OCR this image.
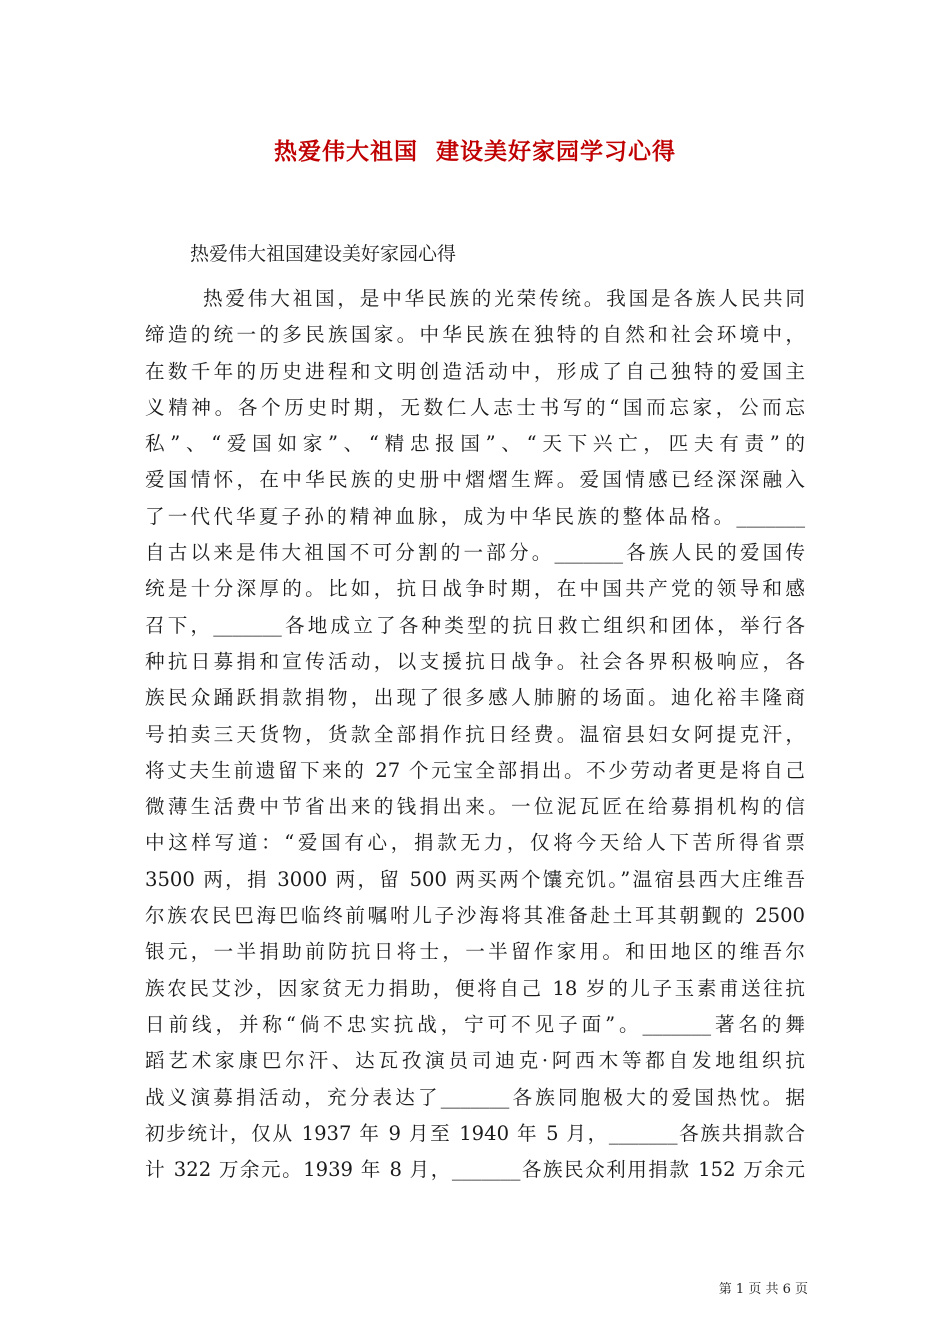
热爱伟大祖国  建设美好家园学习心得
热爱伟大祖国建设美好家园心得
热爱伟大祖国，是中华民族的光荣传统。我国是各族人民共同
缔造的统一的多民族国家。中华民族在独特的自然和社会环境中，
在数千年的历史进程和文明创造活动中，形成了自己独特的爱国主
义精神。各个历史时期，无数仁人志士书写的“国而忘家，公而忘
私”、“爱国如家”、“精忠报国”、“天下兴亡，匹夫有责”的
爱国情怀，在中华民族的史册中熠熠生辉。爱国情感已经深深融入
了一代代华夏子孙的精神血脉，成为中华民族的整体品格。_______
自古以来是伟大祖国不可分割的一部分。_______各族人民的爱国传
统是十分深厚的。比如，抗日战争时期，在中国共产党的领导和感
召下，_______各地成立了各种类型的抗日救亡组织和团体，举行各
种抗日募捐和宣传活动，以支援抗日战争。社会各界积极响应，各
族民众踊跃捐款捐物，出现了很多感人肺腑的场面。迪化裕丰隆商
号拍卖三天货物，货款全部捐作抗日经费。温宿县妇女阿提克汗，
将丈夫生前遗留下来的 27 个元宝全部捐出。不少劳动者更是将自己
微薄生活费中节省出来的钱捐出来。一位泥瓦匠在给募捐机构的信
中这样写道：“爱国有心，捐款无力，仅将今天给人下苦所得省票
3500 两，捐 3000 两，留 500 两买两个馕充饥。”温宿县西大庄维吾
尔族农民巴海巴临终前嘱咐儿子沙海将其准备赴土耳其朝觐的 2500
银元，一半捐助前防抗日将士，一半留作家用。和田地区的维吾尔
族农民艾沙，因家贫无力捐助，便将自己 18 岁的儿子玉素甫送往抗
日前线，并称“倘不忠实抗战，宁可不见子面”。_______著名的舞
蹈艺术家康巴尔汗、达瓦孜演员司迪克·阿西木等都自发地组织抗
战义演募捐活动，充分表达了_______各族同胞极大的爱国热忱。据
初步统计，仅从 1937 年 9 月至 1940 年 5 月，_______各族共捐款合
计 322 万余元。1939 年 8 月，_______各族民众利用捐款 152 万余元
第 1 页 共 6 页
